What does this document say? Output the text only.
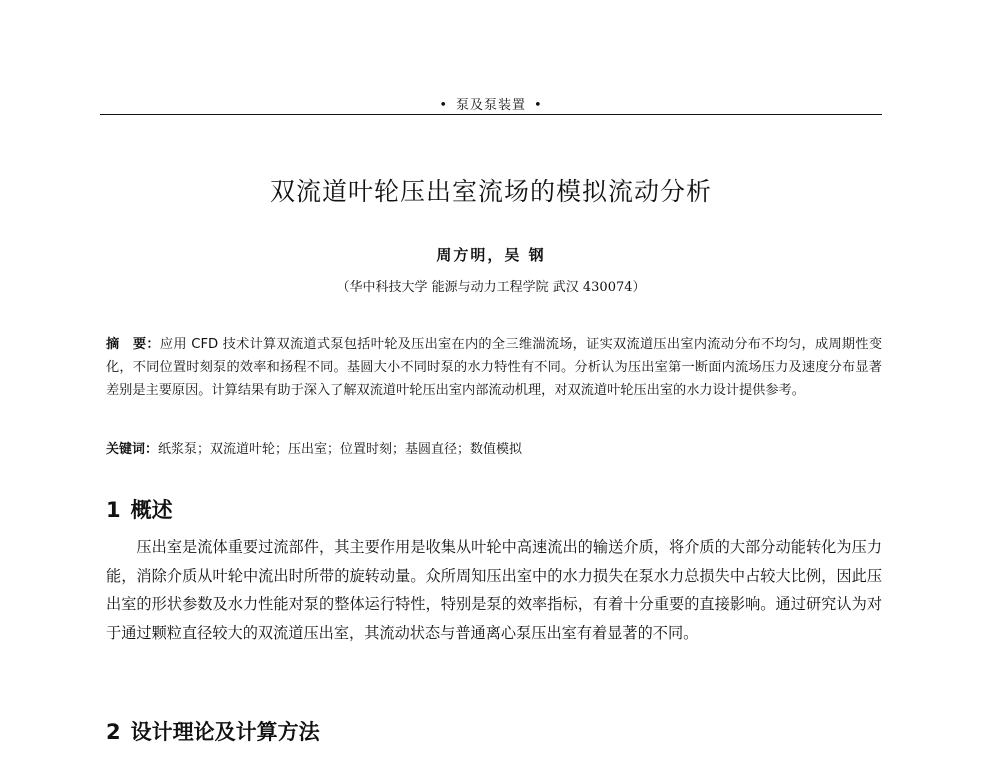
• 泵及泵装置 •
双流道叶轮压出室流场的模拟流动分析
周方明，吴 钢
（华中科技大学 能源与动力工程学院 武汉 430074）
摘　要：应用 CFD 技术计算双流道式泵包括叶轮及压出室在内的全三维湍流场，证实双流道压出室内流动分布不均匀，成周期性变化，不同位置时刻泵的效率和扬程不同。基圆大小不同时泵的水力特性有不同。分析认为压出室第一断面内流场压力及速度分布显著差别是主要原因。计算结果有助于深入了解双流道叶轮压出室内部流动机理，对双流道叶轮压出室的水力设计提供参考。
关键词：纸浆泵；双流道叶轮；压出室；位置时刻；基圆直径；数值模拟
1 概述
压出室是流体重要过流部件，其主要作用是收集从叶轮中高速流出的输送介质，将介质的大部分动能转化为压力能，消除介质从叶轮中流出时所带的旋转动量。众所周知压出室中的水力损失在泵水力总损失中占较大比例，因此压出室的形状参数及水力性能对泵的整体运行特性，特别是泵的效率指标，有着十分重要的直接影响。通过研究认为对于通过颗粒直径较大的双流道压出室，其流动状态与普通离心泵压出室有着显著的不同。
2 设计理论及计算方法
